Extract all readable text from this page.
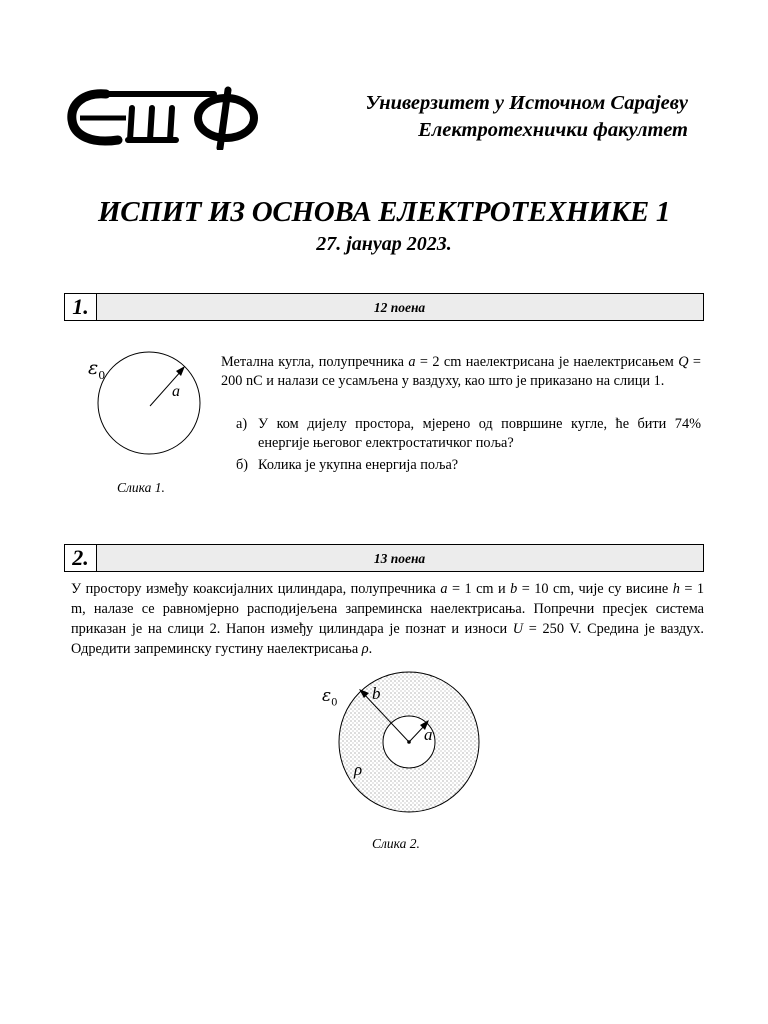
Универзитет у Источном Сарајеву
Електротехнички факултет
ИСПИТ ИЗ ОСНОВА ЕЛЕКТРОТЕХНИКЕ 1
27. јануар 2023.
1.	12 поена
$\varepsilon_0$
a
Слика 1.
Метална кугла, полупречника a = 2 cm наелектрисана је наелектрисањем Q = 200 nC и налази се усамљена у ваздуху, као што је приказано на слици 1.
а) У ком дијелу простора, мјерено од површине кугле, ће бити 74% енергије његовог електростатичког поља?
б) Колика је укупна енергија поља?
2.	13 поена
У простору између коаксијалних цилиндара, полупречника a = 1 cm и b = 10 cm, чије су висине h = 1 m, налазе се равномјерно расподијељена запреминска наелектрисања. Попречни пресјек система приказан је на слици 2. Напон између цилиндара је познат и износи U = 250 V. Средина је ваздух. Одредити запреминску густину наелектрисања ρ.
$\varepsilon_0$ b
a
ρ
Слика 2.
